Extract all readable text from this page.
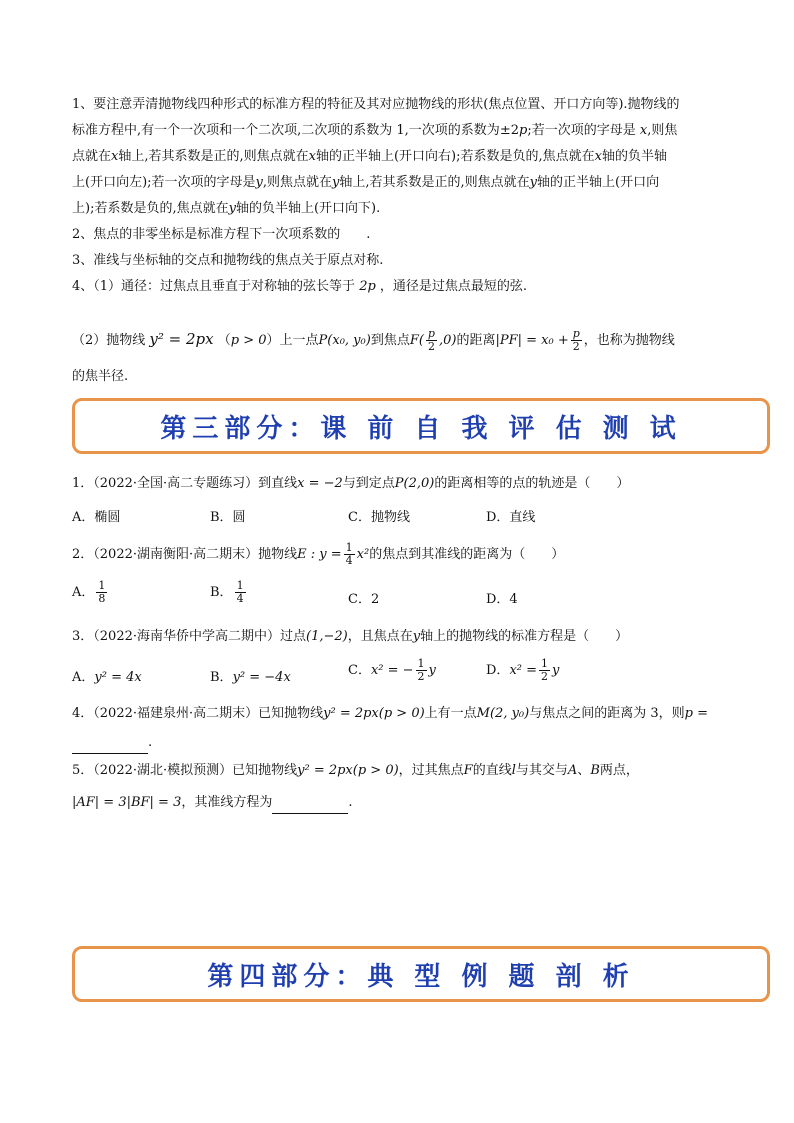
1、要注意弄清抛物线四种形式的标准方程的特征及其对应抛物线的形状(焦点位置、开口方向等).抛物线的
标准方程中,有一个一次项和一个二次项,二次项的系数为 1,一次项的系数为±2p;若一次项的字母是 x,则焦
点就在x轴上,若其系数是正的,则焦点就在x轴的正半轴上(开口向右);若系数是负的,焦点就在x轴的负半轴
上(开口向左);若一次项的字母是y,则焦点就在y轴上,若其系数是正的,则焦点就在y轴的正半轴上(开口向
上);若系数是负的,焦点就在y轴的负半轴上(开口向下).
2、焦点的非零坐标是标准方程下一次项系数的　　.
3、准线与坐标轴的交点和抛物线的焦点关于原点对称.
4、（1）通径：过焦点且垂直于对称轴的弦长等于 2p ，通径是过焦点最短的弦.
（2）抛物线 y² = 2px （p > 0）上一点P(x₀, y₀)到焦点$F( \frac{p}{2} ,0)$的距离$|PF| = x_0 + \frac{p}{2}$ ，也称为抛物线
的焦半径.
第三部分：课 前 自 我 评 估 测 试
1．（2022·全国·高二专题练习）到直线x = −2与到定点P(2,0)的距离相等的点的轨迹是（　　）
A．椭圆	B．圆	C．抛物线	D．直线
2．（2022·湖南衡阳·高二期末）抛物线E : $y = \frac{1}{4} x^2$的焦点到其准线的距离为（　　）
A． $\frac{1}{8}$	B． $\frac{1}{4}$	C．2	D．4
3．（2022·海南华侨中学高二期中）过点(1,−2)，且焦点在y轴上的抛物线的标准方程是（　　）
A．y² = 4x	B．y² = −4x	C．x² = − $\frac{1}{2}$ y	D．$x^2 = \frac{1}{2}$ y
4．（2022·福建泉州·高二期末）已知抛物线y² = 2px(p > 0)上有一点M(2, y₀)与焦点之间的距离为 3，则p =
.
5．（2022·湖北·模拟预测）已知抛物线y² = 2px(p > 0)，过其焦点F的直线l与其交与A、B两点，
|AF| = 3|BF| = 3，其准线方程为	.
第四部分：典 型 例 题 剖 析
